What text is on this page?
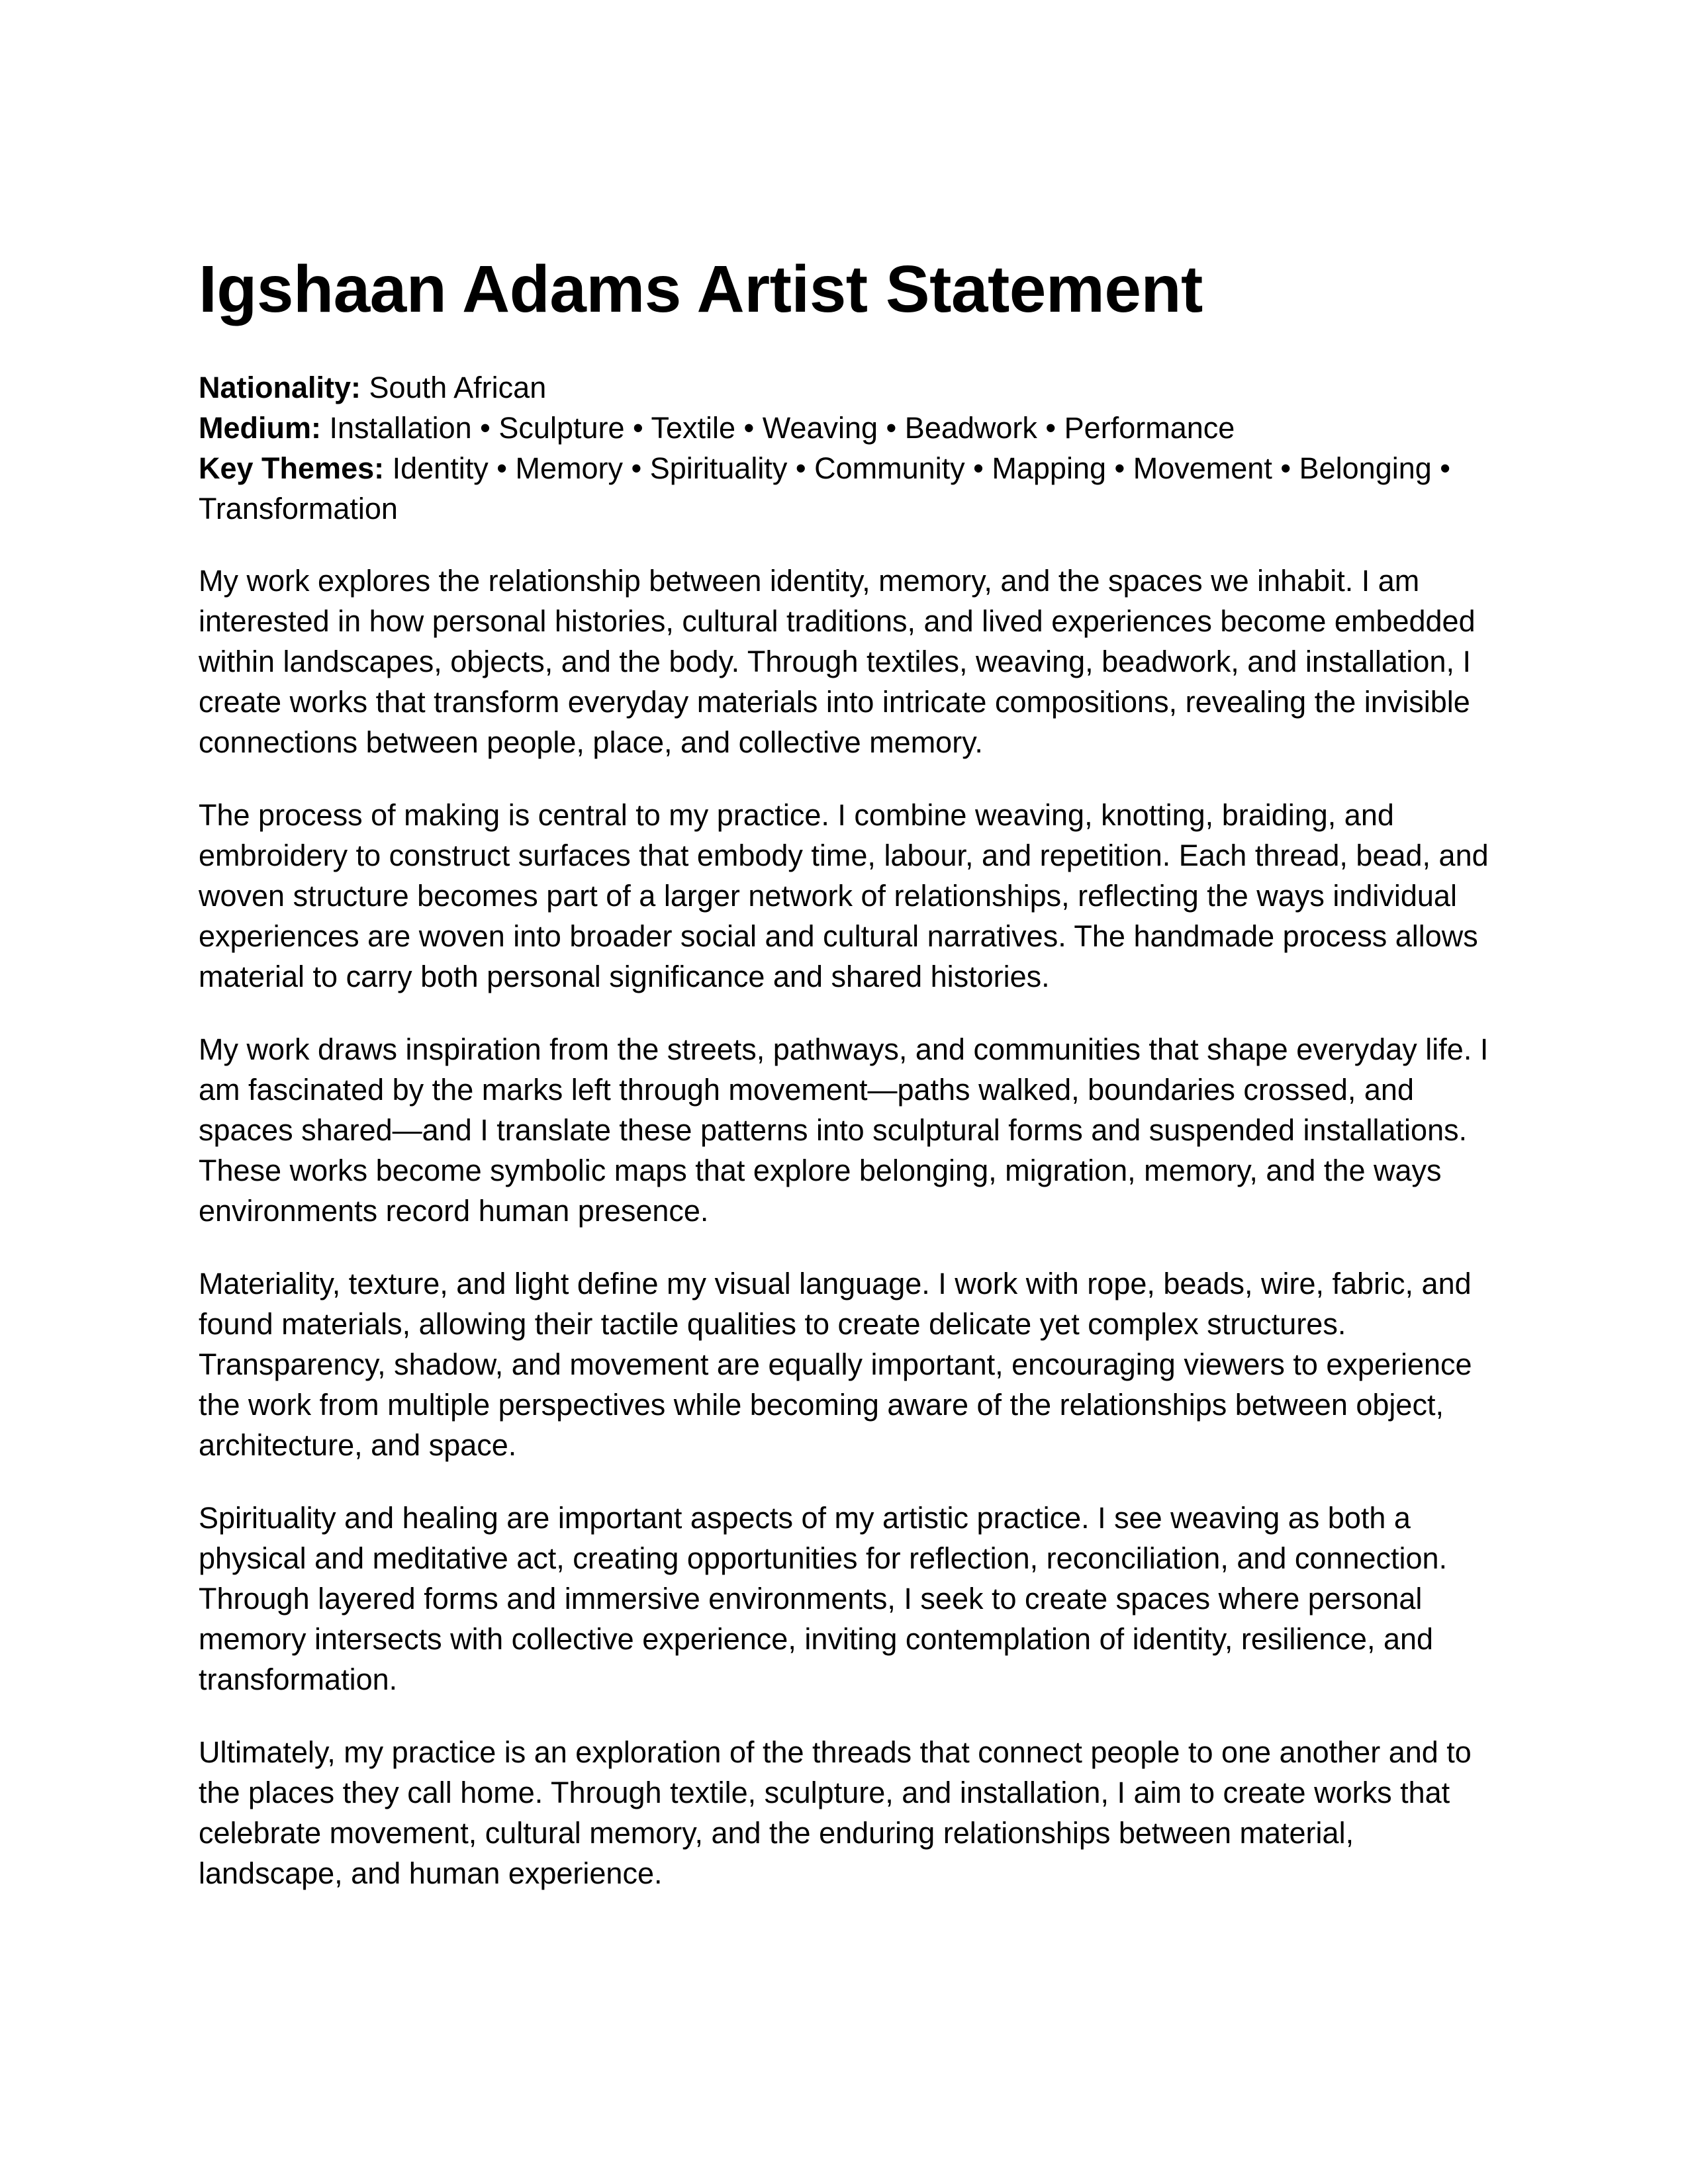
Igshaan Adams Artist Statement
Nationality: South African
Medium: Installation • Sculpture • Textile • Weaving • Beadwork • Performance
Key Themes: Identity • Memory • Spirituality • Community • Mapping • Movement • Belonging • Transformation

My work explores the relationship between identity, memory, and the spaces we inhabit. I am interested in how personal histories, cultural traditions, and lived experiences become embedded within landscapes, objects, and the body. Through textiles, weaving, beadwork, and installation, I create works that transform everyday materials into intricate compositions, revealing the invisible connections between people, place, and collective memory.

The process of making is central to my practice. I combine weaving, knotting, braiding, and embroidery to construct surfaces that embody time, labour, and repetition. Each thread, bead, and woven structure becomes part of a larger network of relationships, reflecting the ways individual experiences are woven into broader social and cultural narratives. The handmade process allows material to carry both personal significance and shared histories.

My work draws inspiration from the streets, pathways, and communities that shape everyday life. I am fascinated by the marks left through movement—paths walked, boundaries crossed, and spaces shared—and I translate these patterns into sculptural forms and suspended installations. These works become symbolic maps that explore belonging, migration, memory, and the ways environments record human presence.

Materiality, texture, and light define my visual language. I work with rope, beads, wire, fabric, and found materials, allowing their tactile qualities to create delicate yet complex structures. Transparency, shadow, and movement are equally important, encouraging viewers to experience the work from multiple perspectives while becoming aware of the relationships between object, architecture, and space.

Spirituality and healing are important aspects of my artistic practice. I see weaving as both a physical and meditative act, creating opportunities for reflection, reconciliation, and connection. Through layered forms and immersive environments, I seek to create spaces where personal memory intersects with collective experience, inviting contemplation of identity, resilience, and transformation.

Ultimately, my practice is an exploration of the threads that connect people to one another and to the places they call home. Through textile, sculpture, and installation, I aim to create works that celebrate movement, cultural memory, and the enduring relationships between material, landscape, and human experience.
